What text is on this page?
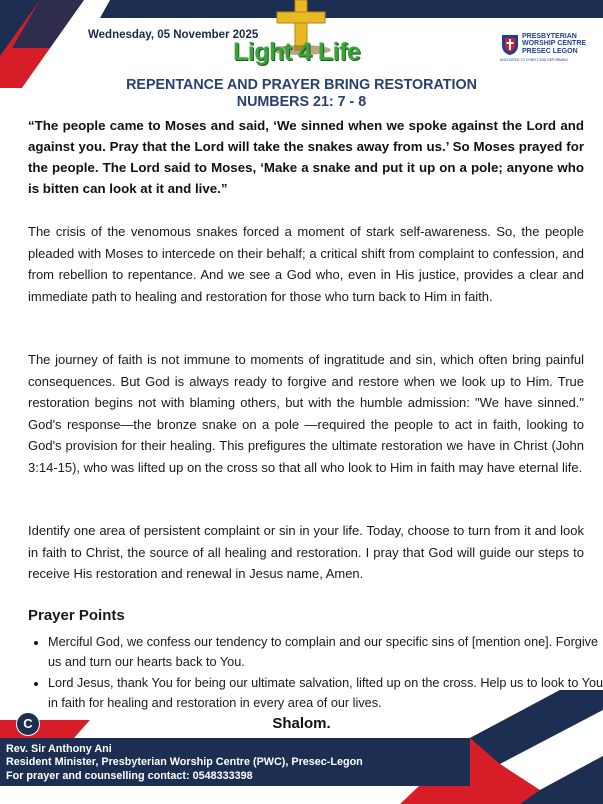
Wednesday, 05 November 2025
Light 4 Life
PRESBYTERIAN WORSHIP CENTRE PRESEC LEGON
ANCHORED TO CHRIST AND REFORMING
REPENTANCE AND PRAYER BRING RESTORATION
NUMBERS 21: 7 - 8
“The people came to Moses and said, ‘We sinned when we spoke against the Lord and against you. Pray that the Lord will take the snakes away from us.’ So Moses prayed for the people. The Lord said to Moses, ‘Make a snake and put it up on a pole; anyone who is bitten can look at it and live.”
The crisis of the venomous snakes forced a moment of stark self-awareness. So, the people pleaded with Moses to intercede on their behalf; a critical shift from complaint to confession, and from rebellion to repentance. And we see a God who, even in His justice, provides a clear and immediate path to healing and restoration for those who turn back to Him in faith.
The journey of faith is not immune to moments of ingratitude and sin, which often bring painful consequences. But God is always ready to forgive and restore when we look up to Him. True restoration begins not with blaming others, but with the humble admission: "We have sinned." God's response—the bronze snake on a pole —required the people to act in faith, looking to God's provision for their healing. This prefigures the ultimate restoration we have in Christ (John 3:14-15), who was lifted up on the cross so that all who look to Him in faith may have eternal life.
Identify one area of persistent complaint or sin in your life. Today, choose to turn from it and look in faith to Christ, the source of all healing and restoration. I pray that God will guide our steps to receive His restoration and renewal in Jesus name, Amen.
Prayer Points
• Merciful God, we confess our tendency to complain and our specific sins of [mention one]. Forgive us and turn our hearts back to You.
• Lord Jesus, thank You for being our ultimate salvation, lifted up on the cross. Help us to look to You in faith for healing and restoration in every area of our lives.
Shalom.
C
Rev. Sir Anthony Ani
Resident Minister, Presbyterian Worship Centre (PWC), Presec-Legon
For prayer and counselling contact: 0548333398
